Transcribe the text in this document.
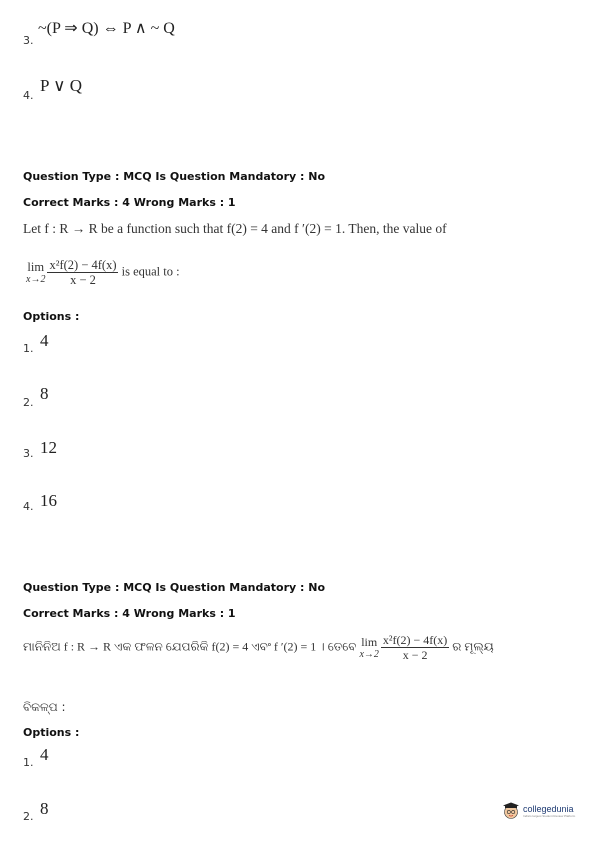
3.
~(P ⇒ Q) ⇔ P ∧ ~ Q
4.
P ∨ Q
Question Type : MCQ Is Question Mandatory : No
Correct Marks : 4 Wrong Marks : 1
Let f : R → R be a function such that f(2) = 4 and f ′(2) = 1. Then, the value of
lim
$x\to 2 \frac{\text{x²f(2) − 4f(x)}}{x - 2}$ is equal to :
Options :
1. 4
2. 8
3. 12
4. 16
Question Type : MCQ Is Question Mandatory : No
Correct Marks : 4 Wrong Marks : 1
ମାନିନିଅ f : R → R ଏକ ଫଳନ ଯେପରିକି f(2) = 4 ଏବଂ f ′(2) = 1 । ତେବେ lim
$x\to 2 \frac{\text{x²f(2) − 4f(x)}}{x - 2}$ ର ମୂଲ୍ୟ
ବିକଳ୍ପ :
Options :
1. 4
2. 8	collegedunia
India's largest Student Review Platform
